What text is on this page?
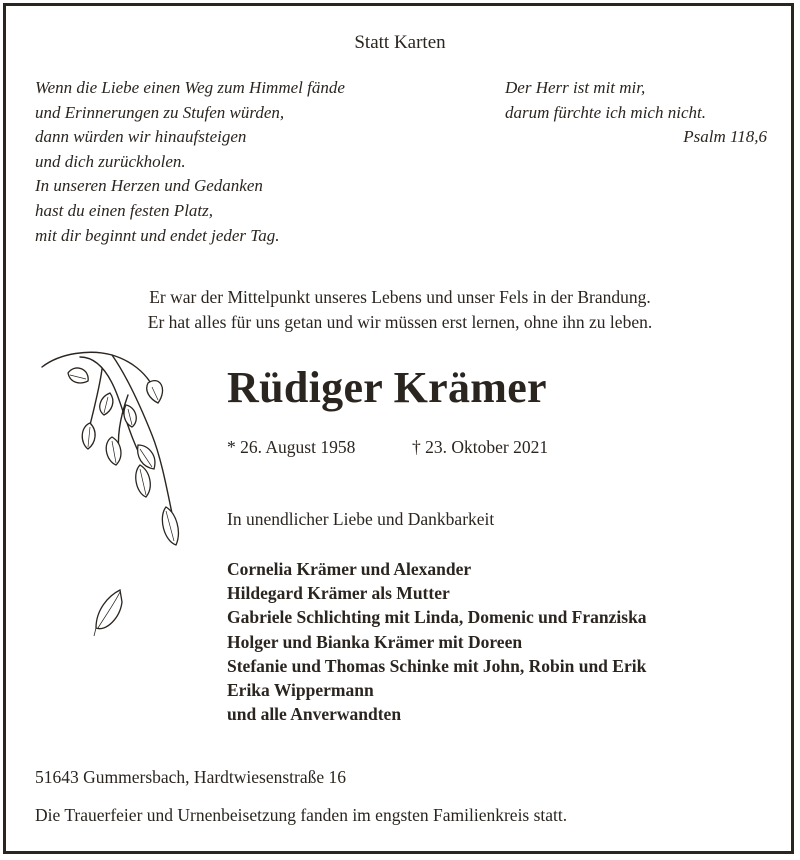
Statt Karten
Wenn die Liebe einen Weg zum Himmel fände
und Erinnerungen zu Stufen würden,
dann würden wir hinaufsteigen
und dich zurückholen.
In unseren Herzen und Gedanken
hast du einen festen Platz,
mit dir beginnt und endet jeder Tag.
Der Herr ist mit mir,
darum fürchte ich mich nicht.
Psalm 118,6
Er war der Mittelpunkt unseres Lebens und unser Fels in der Brandung.
Er hat alles für uns getan und wir müssen erst lernen, ohne ihn zu leben.
Rüdiger Krämer
* 26. August 1958	† 23. Oktober 2021
In unendlicher Liebe und Dankbarkeit
Cornelia Krämer und Alexander
Hildegard Krämer als Mutter
Gabriele Schlichting mit Linda, Domenic und Franziska
Holger und Bianka Krämer mit Doreen
Stefanie und Thomas Schinke mit John, Robin und Erik
Erika Wippermann
und alle Anverwandten
51643 Gummersbach, Hardtwiesenstraße 16
Die Trauerfeier und Urnenbeisetzung fanden im engsten Familienkreis statt.
